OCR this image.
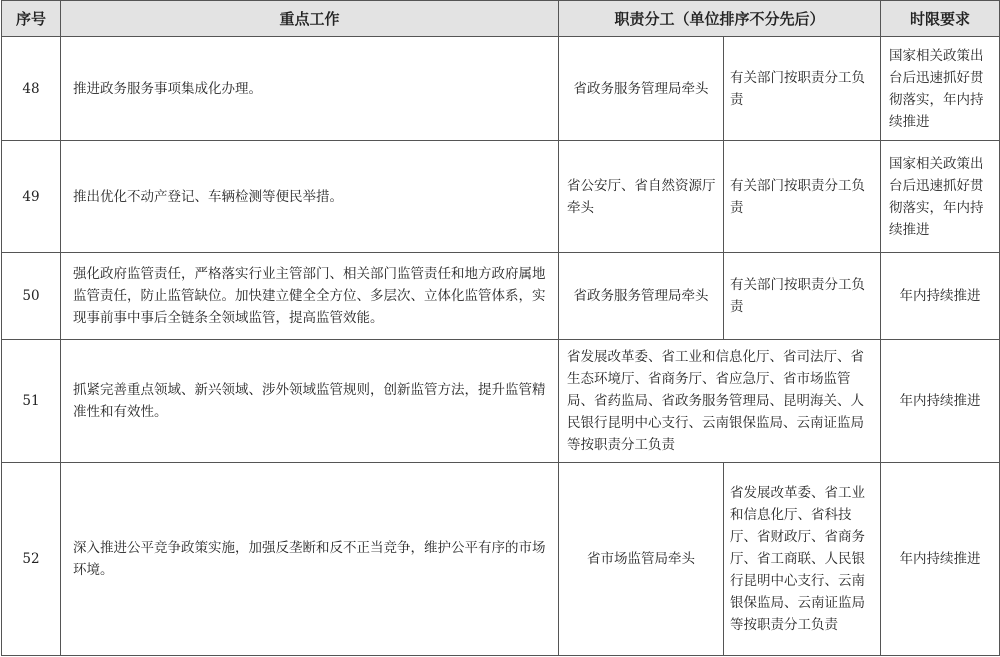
序号	重点工作	职责分工（单位排序不分先后）		时限要求
48	推进政务服务事项集成化办理。	省政务服务管理局牵头	有关部门按职责分工负责	国家相关政策出台后迅速抓好贯彻落实，年内持续推进
49	推出优化不动产登记、车辆检测等便民举措。	省公安厅、省自然资源厅牵头	有关部门按职责分工负责	国家相关政策出台后迅速抓好贯彻落实，年内持续推进
50	强化政府监管责任，严格落实行业主管部门、相关部门监管责任和地方政府属地监管责任，防止监管缺位。加快建立健全全方位、多层次、立体化监管体系，实现事前事中事后全链条全领域监管，提高监管效能。	省政务服务管理局牵头	有关部门按职责分工负责	年内持续推进
51	抓紧完善重点领域、新兴领域、涉外领域监管规则，创新监管方法，提升监管精准性和有效性。	省发展改革委、省工业和信息化厅、省司法厅、省生态环境厅、省商务厅、省应急厅、省市场监管局、省药监局、省政务服务管理局、昆明海关、人民银行昆明中心支行、云南银保监局、云南证监局等按职责分工负责		年内持续推进
52	深入推进公平竞争政策实施，加强反垄断和反不正当竞争，维护公平有序的市场环境。	省市场监管局牵头	省发展改革委、省工业和信息化厅、省科技厅、省财政厅、省商务厅、省工商联、人民银行昆明中心支行、云南银保监局、云南证监局等按职责分工负责	年内持续推进
